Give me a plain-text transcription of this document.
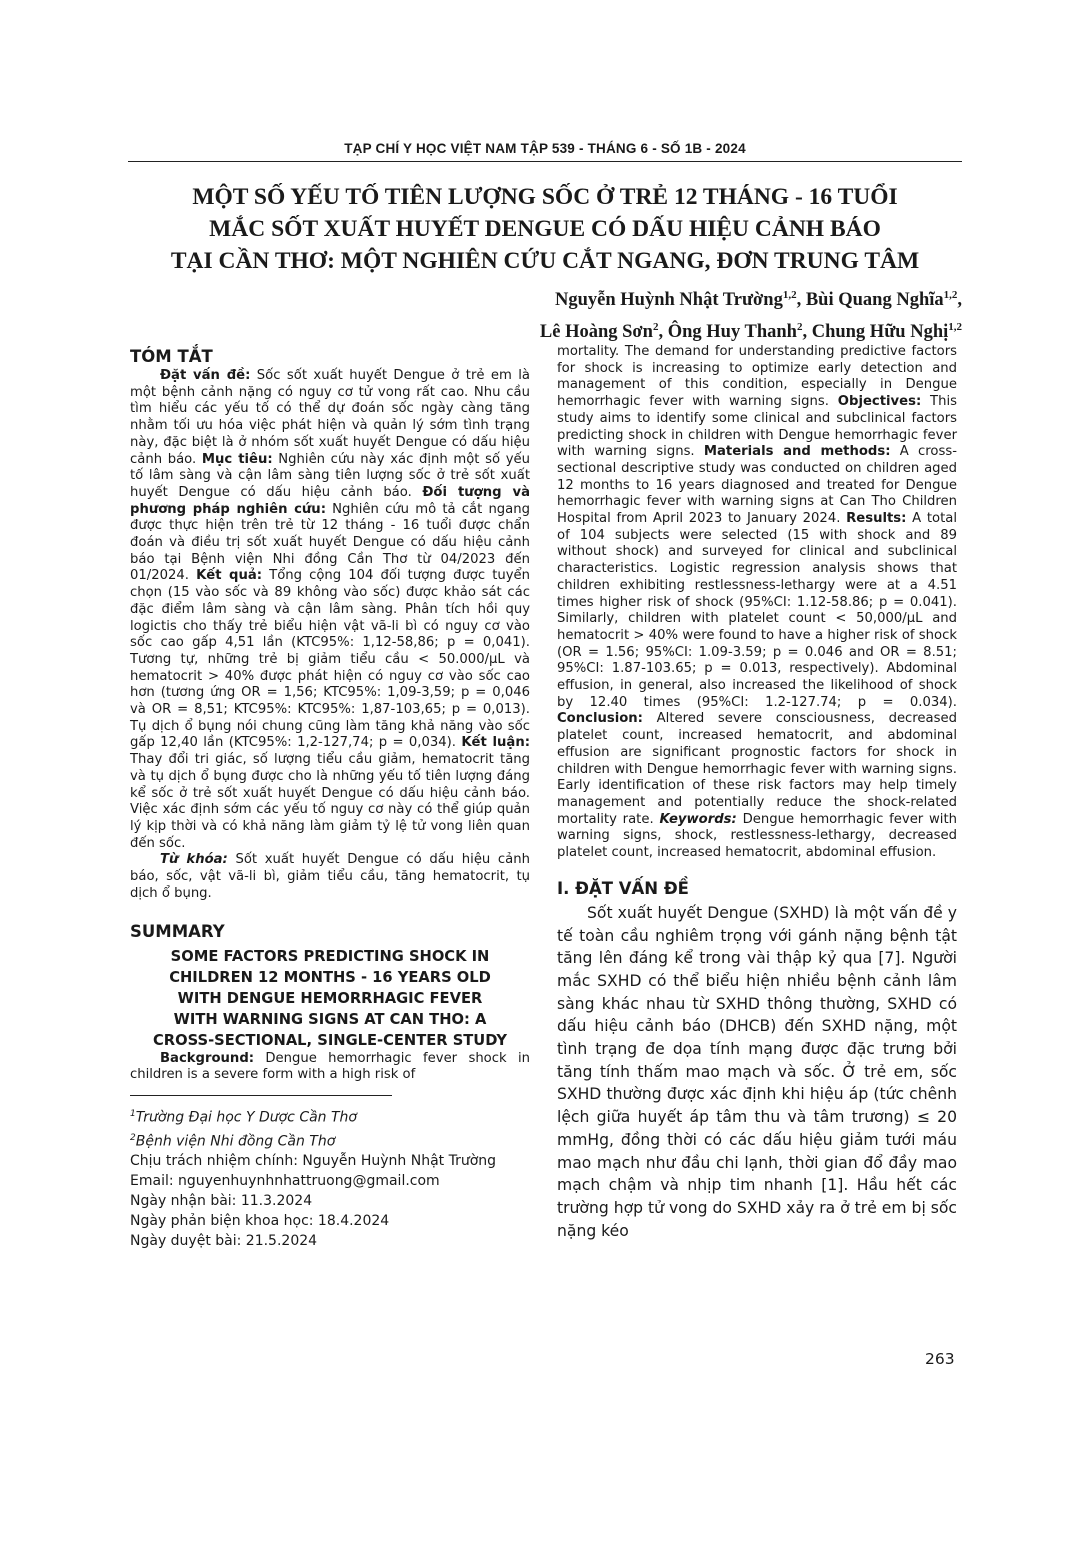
TẠP CHÍ Y HỌC VIỆT NAM TẬP 539 - THÁNG 6 - SỐ 1B - 2024
MỘT SỐ YẾU TỐ TIÊN LƯỢNG SỐC Ở TRẺ 12 THÁNG - 16 TUỔI
MẮC SỐT XUẤT HUYẾT DENGUE CÓ DẤU HIỆU CẢNH BÁO
TẠI CẦN THƠ: MỘT NGHIÊN CỨU CẮT NGANG, ĐƠN TRUNG TÂM
Nguyễn Huỳnh Nhật Trường$^{1,2}$, Bùi Quang Nghĩa$^{1,2}$,
Lê Hoàng Sơn$^2$, Ông Huy Thanh$^2$, Chung Hữu Nghị$^{1,2}$
TÓM TẮT

Đặt vấn đề: Sốc sốt xuất huyết Dengue ở trẻ em là một bệnh cảnh nặng có nguy cơ tử vong rất cao. Nhu cầu tìm hiểu các yếu tố có thể dự đoán sốc ngày càng tăng nhằm tối ưu hóa việc phát hiện và quản lý sớm tình trạng này, đặc biệt là ở nhóm sốt xuất huyết Dengue có dấu hiệu cảnh báo. Mục tiêu: Nghiên cứu này xác định một số yếu tố lâm sàng và cận lâm sàng tiên lượng sốc ở trẻ sốt xuất huyết Dengue có dấu hiệu cảnh báo. Đối tượng và phương pháp nghiên cứu: Nghiên cứu mô tả cắt ngang được thực hiện trên trẻ từ 12 tháng - 16 tuổi được chẩn đoán và điều trị sốt xuất huyết Dengue có dấu hiệu cảnh báo tại Bệnh viện Nhi đồng Cần Thơ từ 04/2023 đến 01/2024. Kết quả: Tổng cộng 104 đối tượng được tuyển chọn (15 vào sốc và 89 không vào sốc) được khảo sát các đặc điểm lâm sàng và cận lâm sàng. Phân tích hồi quy logictis cho thấy trẻ biểu hiện vật vã-li bì có nguy cơ vào sốc cao gấp 4,51 lần (KTC95%: 1,12-58,86; p = 0,041). Tương tự, những trẻ bị giảm tiểu cầu < 50.000/μL và hematocrit > 40% được phát hiện có nguy cơ vào sốc cao hơn (tương ứng OR = 1,56; KTC95%: 1,09-3,59; p = 0,046 và OR = 8,51; KTC95%: KTC95%: 1,87-103,65; p = 0,013). Tụ dịch ổ bụng nói chung cũng làm tăng khả năng vào sốc gấp 12,40 lần (KTC95%: 1,2-127,74; p = 0,034). Kết luận: Thay đổi tri giác, số lượng tiểu cầu giảm, hematocrit tăng và tụ dịch ổ bụng được cho là những yếu tố tiên lượng đáng kể sốc ở trẻ sốt xuất huyết Dengue có dấu hiệu cảnh báo. Việc xác định sớm các yếu tố nguy cơ này có thể giúp quản lý kịp thời và có khả năng làm giảm tỷ lệ tử vong liên quan đến sốc.

Từ khóa: Sốt xuất huyết Dengue có dấu hiệu cảnh báo, sốc, vật vã-li bì, giảm tiểu cầu, tăng hematocrit, tụ dịch ổ bụng.

SUMMARY
SOME FACTORS PREDICTING SHOCK IN
CHILDREN 12 MONTHS - 16 YEARS OLD
WITH DENGUE HEMORRHAGIC FEVER
WITH WARNING SIGNS AT CAN THO: A
CROSS-SECTIONAL, SINGLE-CENTER STUDY

Background: Dengue hemorrhagic fever shock in children is a severe form with a high risk of

$^1$Trường Đại học Y Dược Cần Thơ

$^2$Bệnh viện Nhi đồng Cần Thơ

Chịu trách nhiệm chính: Nguyễn Huỳnh Nhật Trường

Email: nguyenhuynhnhattruong@gmail.com

Ngày nhận bài: 11.3.2024

Ngày phản biện khoa học: 18.4.2024

Ngày duyệt bài: 21.5.2024

mortality. The demand for understanding predictive factors for shock is increasing to optimize early detection and management of this condition, especially in Dengue hemorrhagic fever with warning signs. Objectives: This study aims to identify some clinical and subclinical factors predicting shock in children with Dengue hemorrhagic fever with warning signs. Materials and methods: A cross-sectional descriptive study was conducted on children aged 12 months to 16 years diagnosed and treated for Dengue hemorrhagic fever with warning signs at Can Tho Children Hospital from April 2023 to January 2024. Results: A total of 104 subjects were selected (15 with shock and 89 without shock) and surveyed for clinical and subclinical characteristics. Logistic regression analysis shows that children exhibiting restlessness-lethargy were at a 4.51 times higher risk of shock (95%CI: 1.12-58.86; p = 0.041). Similarly, children with platelet count < 50,000/μL and hematocrit > 40% were found to have a higher risk of shock (OR = 1.56; 95%CI: 1.09-3.59; p = 0.046 and OR = 8.51; 95%CI: 1.87-103.65; p = 0.013, respectively). Abdominal effusion, in general, also increased the likelihood of shock by 12.40 times (95%CI: 1.2-127.74; p = 0.034). Conclusion: Altered severe consciousness, decreased platelet count, increased hematocrit, and abdominal effusion are significant prognostic factors for shock in children with Dengue hemorrhagic fever with warning signs. Early identification of these risk factors may help timely management and potentially reduce the shock-related mortality rate. Keywords: Dengue hemorrhagic fever with warning signs, shock, restlessness-lethargy, decreased platelet count, increased hematocrit, abdominal effusion.

I. ĐẶT VẤN ĐỀ

Sốt xuất huyết Dengue (SXHD) là một vấn đề y tế toàn cầu nghiêm trọng với gánh nặng bệnh tật tăng lên đáng kể trong vài thập kỷ qua [7]. Người mắc SXHD có thể biểu hiện nhiều bệnh cảnh lâm sàng khác nhau từ SXHD thông thường, SXHD có dấu hiệu cảnh báo (DHCB) đến SXHD nặng, một tình trạng đe dọa tính mạng được đặc trưng bởi tăng tính thấm mao mạch và sốc. Ở trẻ em, sốc SXHD thường được xác định khi hiệu áp (tức chênh lệch giữa huyết áp tâm thu và tâm trương) ≤ 20 mmHg, đồng thời có các dấu hiệu giảm tưới máu mao mạch như đầu chi lạnh, thời gian đổ đầy mao mạch chậm và nhịp tim nhanh [1]. Hầu hết các trường hợp tử vong do SXHD xảy ra ở trẻ em bị sốc nặng kéo

263
